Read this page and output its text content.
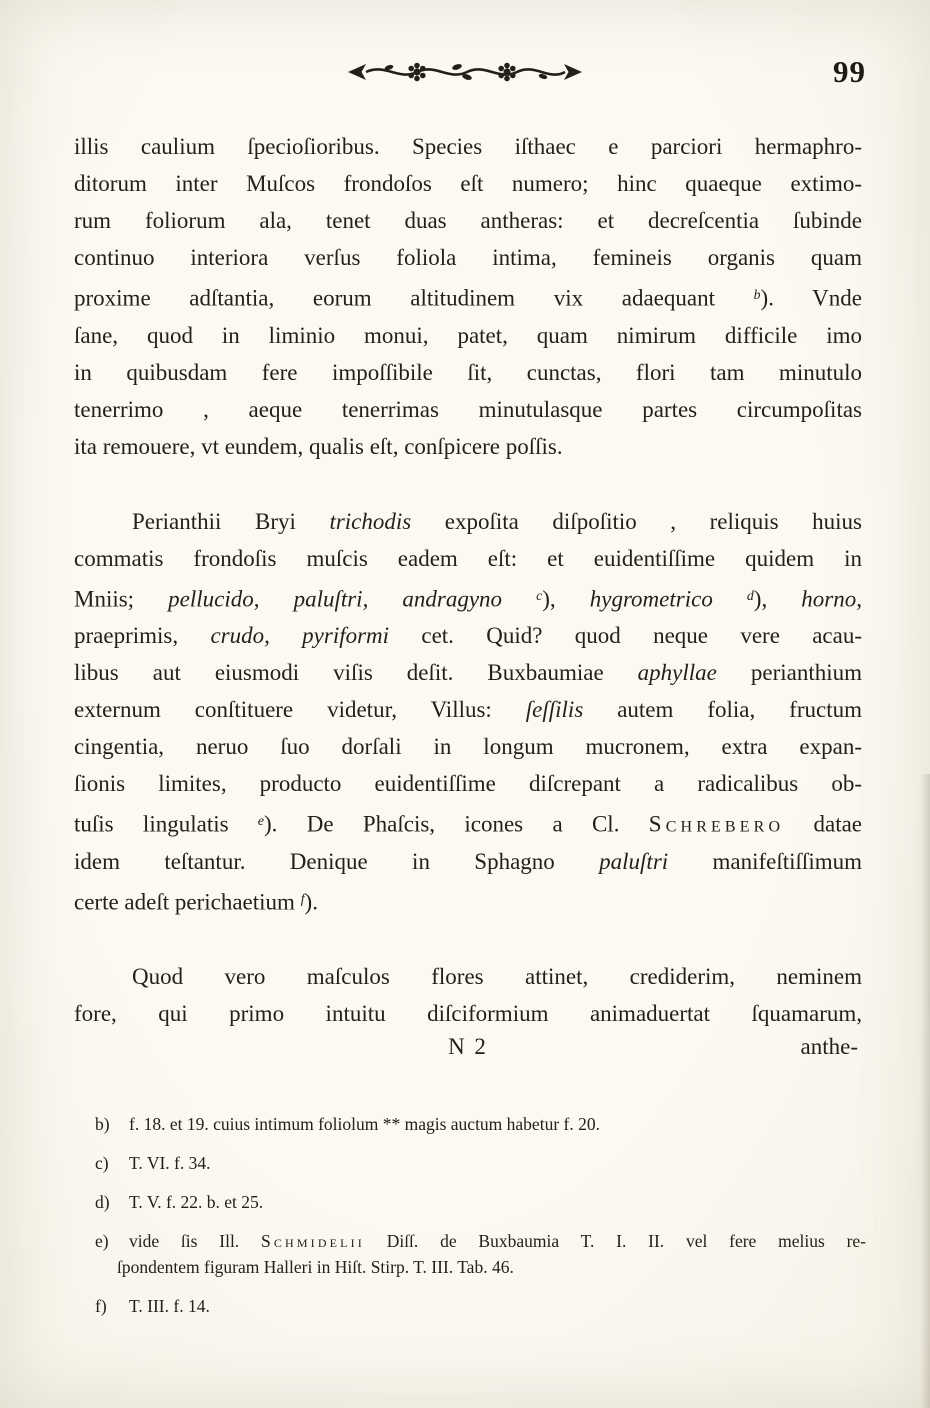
99
illis caulium ſpecioſioribus. Species iſthaec e parciori hermaphro-
ditorum inter Muſcos frondoſos eſt numero; hinc quaeque extimo-
rum foliorum ala, tenet duas antheras: et decreſcentia ſubinde
continuo interiora verſus foliola intima, femineis organis quam
proxime adſtantia, eorum altitudinem vix adaequant $^b$). Vnde
ſane, quod in liminio monui, patet, quam nimirum difficile imo
in quibusdam fere impoſſibile ſit, cunctas, flori tam minutulo
tenerrimo , aeque tenerrimas minutulasque partes circumpoſitas
ita remouere, vt eundem, qualis eſt, conſpicere poſſis.
Perianthii Bryi trichodis expoſita diſpoſitio , reliquis huius
commatis frondoſis muſcis eadem eſt: et euidentiſſime quidem in
Mniis; pellucido, paluſtri, andragyno $^c$), hygrometrico $^d$), horno,
praeprimis, crudo, pyriformi cet. Quid? quod neque vere acau-
libus aut eiusmodi viſis deſit. Buxbaumiae aphyllae perianthium
externum conſtituere videtur, Villus: ſeſſilis autem folia, fructum
cingentia, neruo ſuo dorſali in longum mucronem, extra expan-
ſionis limites, producto euidentiſſime diſcrepant a radicalibus ob-
tuſis lingulatis $^e$). De Phaſcis, icones a Cl. Schrebero datae
idem teſtantur. Denique in Sphagno paluſtri manifeſtiſſimum
certe adeſt perichaetium $^f$).
Quod vero maſculos flores attinet, crediderim, neminem
fore, qui primo intuitu diſciformium animaduertat ſquamarum,
N 2	anthe-
b) f. 18. et 19. cuius intimum foliolum ** magis auctum habetur f. 20.
c) T. VI. f. 34.
d) T. V. f. 22. b. et 25.
e) vide ſis Ill. Schmidelii Diſſ. de Buxbaumia T. I. II. vel fere melius re-
ſpondentem figuram Halleri in Hiſt. Stirp. T. III. Tab. 46.
f) T. III. f. 14.
